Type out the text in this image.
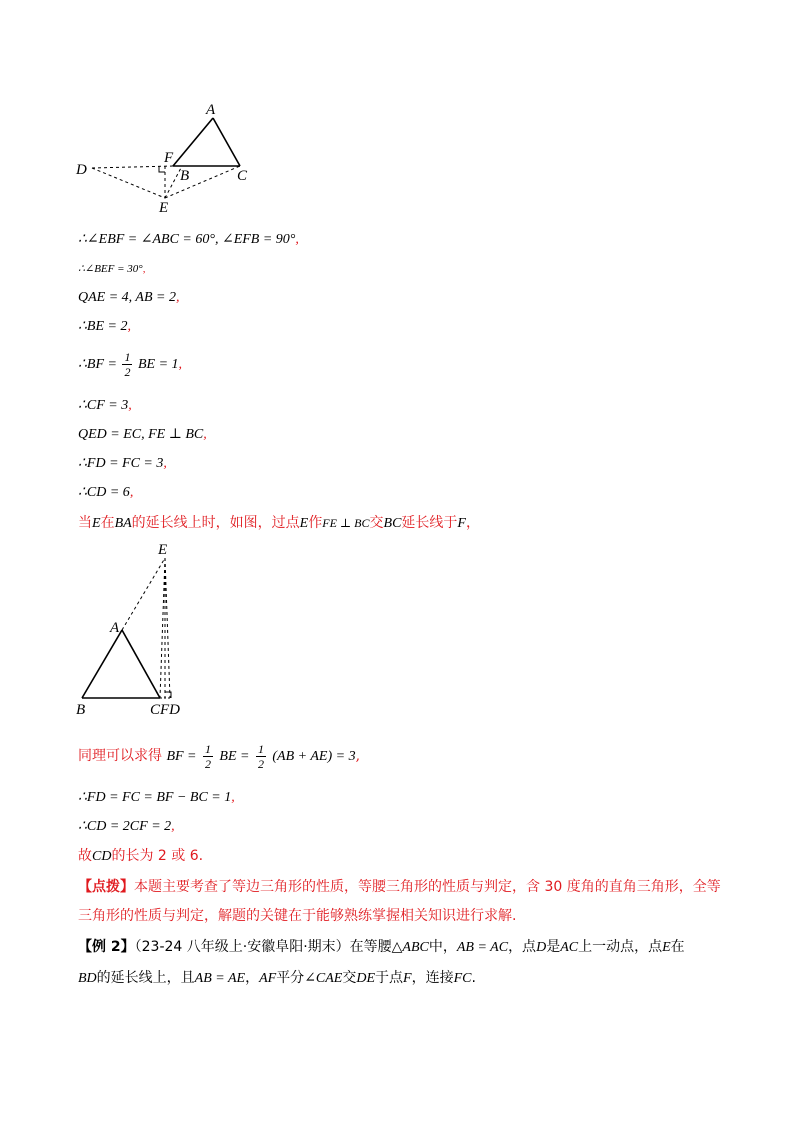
A
F
D	B	C
E
∴∠EBF = ∠ABC = 60°, ∠EFB = 90°,
∴∠BEF = 30°,
QAE = 4, AB = 2,
∴BE = 2,
∴BF = $\frac{1}{2}$ BE = 1,
∴CF = 3,
QED = EC, FE ⊥ BC,
∴FD = FC = 3,
∴CD = 6,
当E在BA的延长线上时，如图，过点E作FE ⊥ BC交BC延长线于F，
E
A
B	CFD
同理可以求得 BF = $\frac{1}{2}$ BE = $\frac{1}{2} (AB + AE) = 3$,
∴FD = FC = BF − BC = 1,
∴CD = 2CF = 2,
故CD的长为 2 或 6.
【点拨】本题主要考查了等边三角形的性质，等腰三角形的性质与判定，含 30 度角的直角三角形，全等
三角形的性质与判定，解题的关键在于能够熟练掌握相关知识进行求解.
【例 2】（23-24 八年级上·安徽阜阳·期末）在等腰△ABC中，AB = AC，点D是AC上一动点，点E在
BD的延长线上，且AB = AE，AF平分∠CAE交DE于点F，连接FC.
